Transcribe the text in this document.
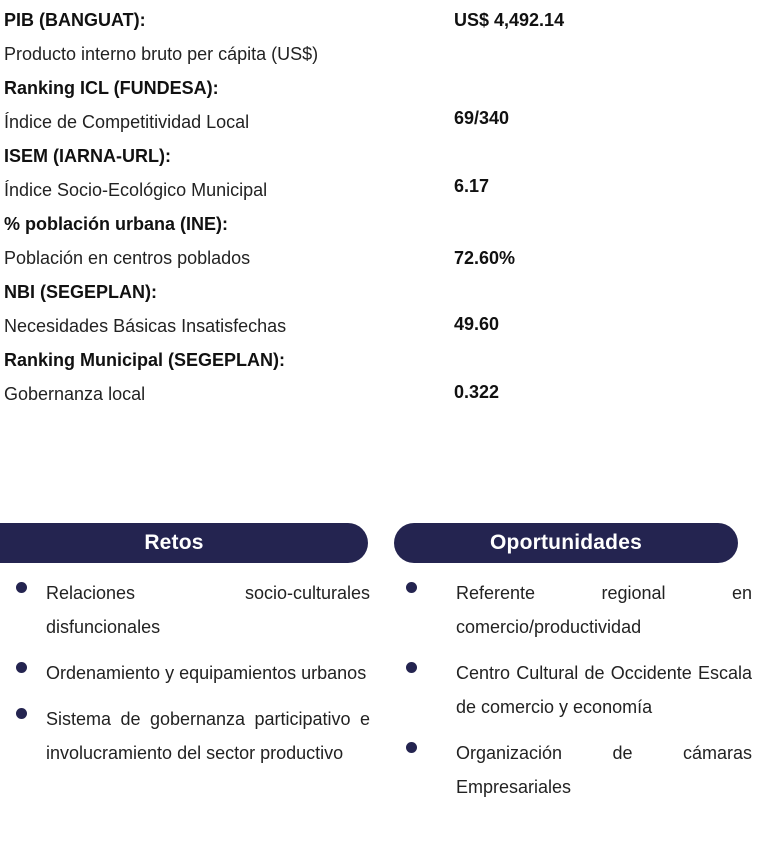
PIB (BANGUAT):	US$ 4,492.14
Producto interno bruto per cápita (US$)
Ranking ICL (FUNDESA):
Índice de Competitividad Local	69/340
ISEM (IARNA-URL):
Índice Socio-Ecológico Municipal	6.17
% población urbana (INE):
Población en centros poblados	72.60%
NBI (SEGEPLAN):
Necesidades Básicas Insatisfechas	49.60
Ranking Municipal (SEGEPLAN):
Gobernanza local	0.322
Retos	Oportunidades
Relaciones socio-culturales disfuncionales
Ordenamiento y equipamientos urbanos
Sistema de gobernanza participativo e involucramiento del sector productivo
Referente regional en comercio/productividad
Centro Cultural de Occidente Escala de comercio y economía
Organización de cámaras Empresariales
